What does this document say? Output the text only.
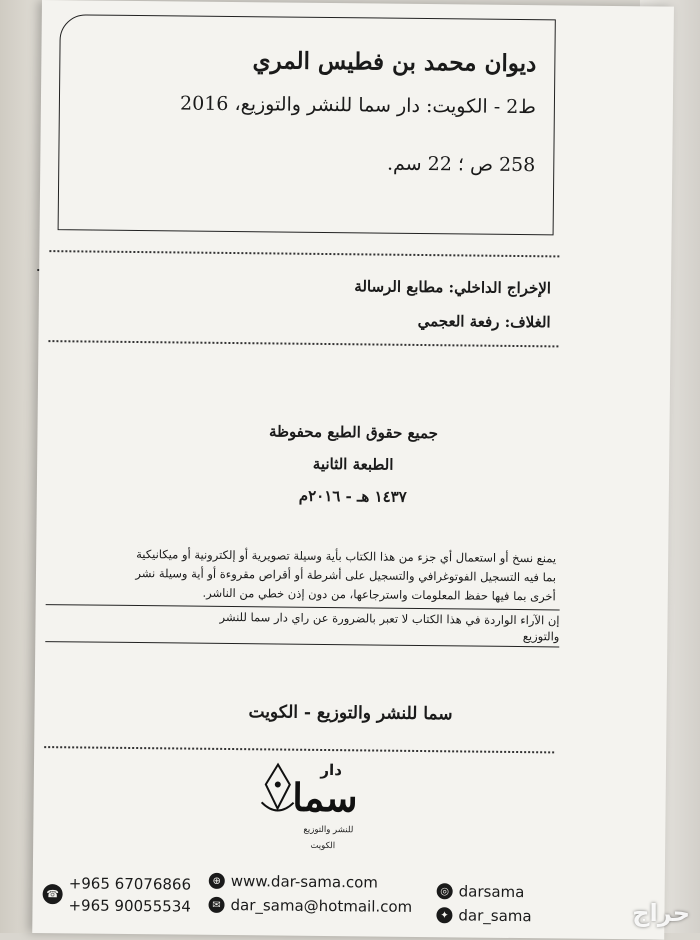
ديوان محمد بن فطيس المري
ط2 - الكويت: دار سما للنشر والتوزيع، 2016
258 ص ؛ 22 سم.
الإخراج الداخلي: مطابع الرسالة
الغلاف: رفعة العجمي
جميع حقوق الطبع محفوظة
الطبعة الثانية
١٤٣٧ هـ - ٢٠١٦م

يمنع نسخ أو استعمال أي جزء من هذا الكتاب بأية وسيلة تصويرية أو إلكترونية أو ميكانيكية

بما فيه التسجيل الفوتوغرافي والتسجيل على أشرطة أو أقراص مقروءة أو أية وسيلة نشر

أخرى بما فيها حفظ المعلومات واسترجاعها، من دون إذن خطي من الناشر.

إن الآراء الواردة في هذا الكتاب لا تعبر بالضرورة عن راي دار سما للنشر

والتوزيع

سما للنشر والتوزيع - الكويت
دار
سما
للنشر والتوزيع
الكويت
☎
+965 67076866
+965 90055534
⊕ www.dar-sama.com
✉ dar_sama@hotmail.com
◎ darsama
✦ dar_sama	حراج
